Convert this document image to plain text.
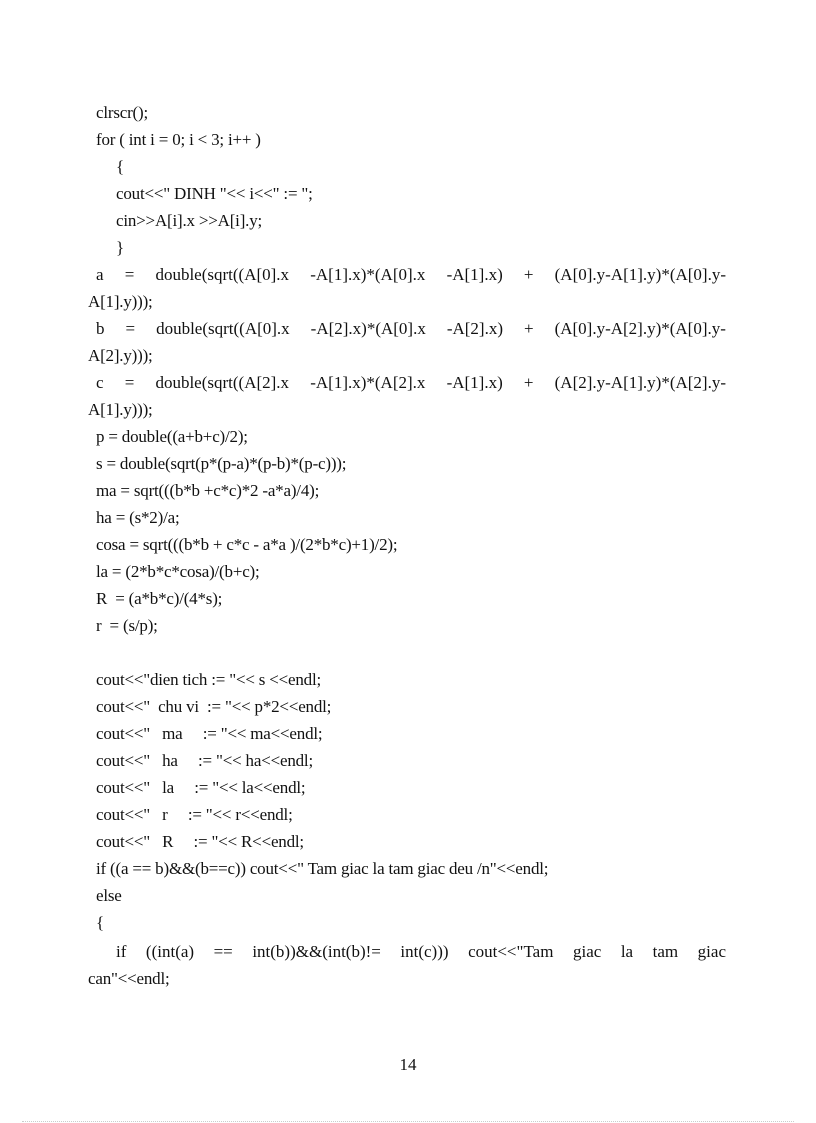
clrscr();
for ( int i = 0; i < 3; i++ )
{
cout<<" DINH "<< i<<" := ";
cin>>A[i].x >>A[i].y;
}
a = double(sqrt((A[0].x -A[1].x)*(A[0].x -A[1].x) + (A[0].y-A[1].y)*(A[0].y-
A[1].y)));
b = double(sqrt((A[0].x -A[2].x)*(A[0].x -A[2].x) + (A[0].y-A[2].y)*(A[0].y-
A[2].y)));
c = double(sqrt((A[2].x -A[1].x)*(A[2].x -A[1].x) + (A[2].y-A[1].y)*(A[2].y-
A[1].y)));
p = double((a+b+c)/2);
s = double(sqrt(p*(p-a)*(p-b)*(p-c)));
ma = sqrt(((b*b +c*c)*2 -a*a)/4);
ha = (s*2)/a;
cosa = sqrt(((b*b + c*c - a*a )/(2*b*c)+1)/2);
la = (2*b*c*cosa)/(b+c);
R  = (a*b*c)/(4*s);
r  = (s/p);
cout<<"dien tich := "<< s <<endl;
cout<<"  chu vi  := "<< p*2<<endl;
cout<<"   ma     := "<< ma<<endl;
cout<<"   ha     := "<< ha<<endl;
cout<<"   la     := "<< la<<endl;
cout<<"   r     := "<< r<<endl;
cout<<"   R     := "<< R<<endl;
if ((a == b)&&(b==c)) cout<<" Tam giac la tam giac deu /n"<<endl;
else
{
if ((int(a) == int(b))&&(int(b)!= int(c))) cout<<"Tam giac la tam giac
can"<<endl;
14
